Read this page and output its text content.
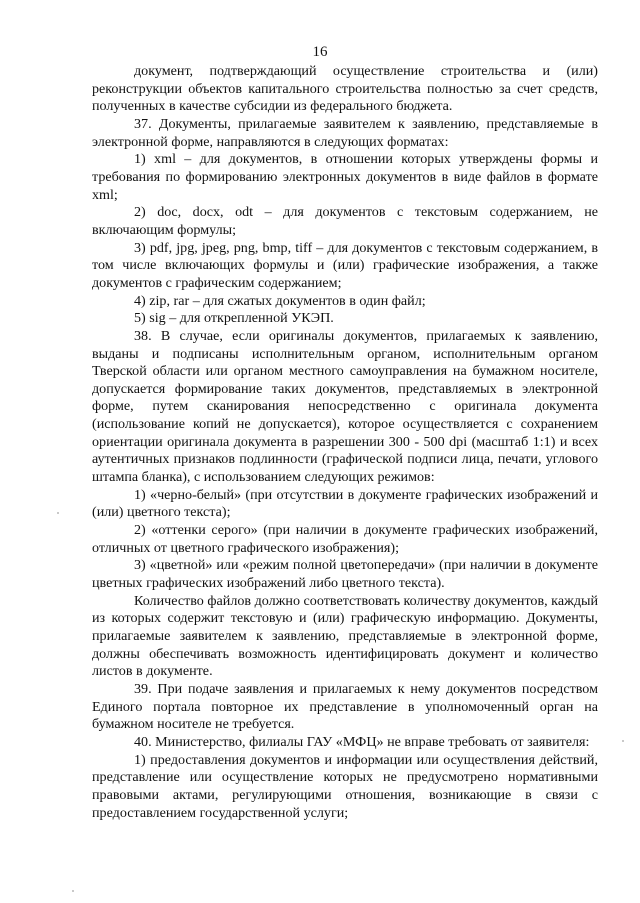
16

документ, подтверждающий осуществление строительства и (или) реконструкции объектов капитального строительства полностью за счет средств, полученных в качестве субсидии из федерального бюджета.

37. Документы, прилагаемые заявителем к заявлению, представляемые в электронной форме, направляются в следующих форматах:

1) xml – для документов, в отношении которых утверждены формы и требования по формированию электронных документов в виде файлов в формате xml;

2) doc, docx, odt – для документов с текстовым содержанием, не включающим формулы;

3) pdf, jpg, jpeg, png, bmp, tiff – для документов с текстовым содержанием, в том числе включающих формулы и (или) графические изображения, а также документов с графическим содержанием;

4) zip, rar – для сжатых документов в один файл;

5) sig – для открепленной УКЭП.

38. В случае, если оригиналы документов, прилагаемых к заявлению, выданы и подписаны исполнительным органом, исполнительным органом Тверской области или органом местного самоуправления на бумажном носителе, допускается формирование таких документов, представляемых в электронной форме, путем сканирования непосредственно с оригинала документа (использование копий не допускается), которое осуществляется с сохранением ориентации оригинала документа в разрешении 300 - 500 dpi (масштаб 1:1) и всех аутентичных признаков подлинности (графической подписи лица, печати, углового штампа бланка), с использованием следующих режимов:

1) «черно-белый» (при отсутствии в документе графических изображений и (или) цветного текста);

2) «оттенки серого» (при наличии в документе графических изображений, отличных от цветного графического изображения);

3) «цветной» или «режим полной цветопередачи» (при наличии в документе цветных графических изображений либо цветного текста).

Количество файлов должно соответствовать количеству документов, каждый из которых содержит текстовую и (или) графическую информацию. Документы, прилагаемые заявителем к заявлению, представляемые в электронной форме, должны обеспечивать возможность идентифицировать документ и количество листов в документе.

39. При подаче заявления и прилагаемых к нему документов посредством Единого портала повторное их представление в уполномоченный орган на бумажном носителе не требуется.

40. Министерство, филиалы ГАУ «МФЦ» не вправе требовать от заявителя:

1) предоставления документов и информации или осуществления действий, представление или осуществление которых не предусмотрено нормативными правовыми актами, регулирующими отношения, возникающие в связи с предоставлением государственной услуги;
